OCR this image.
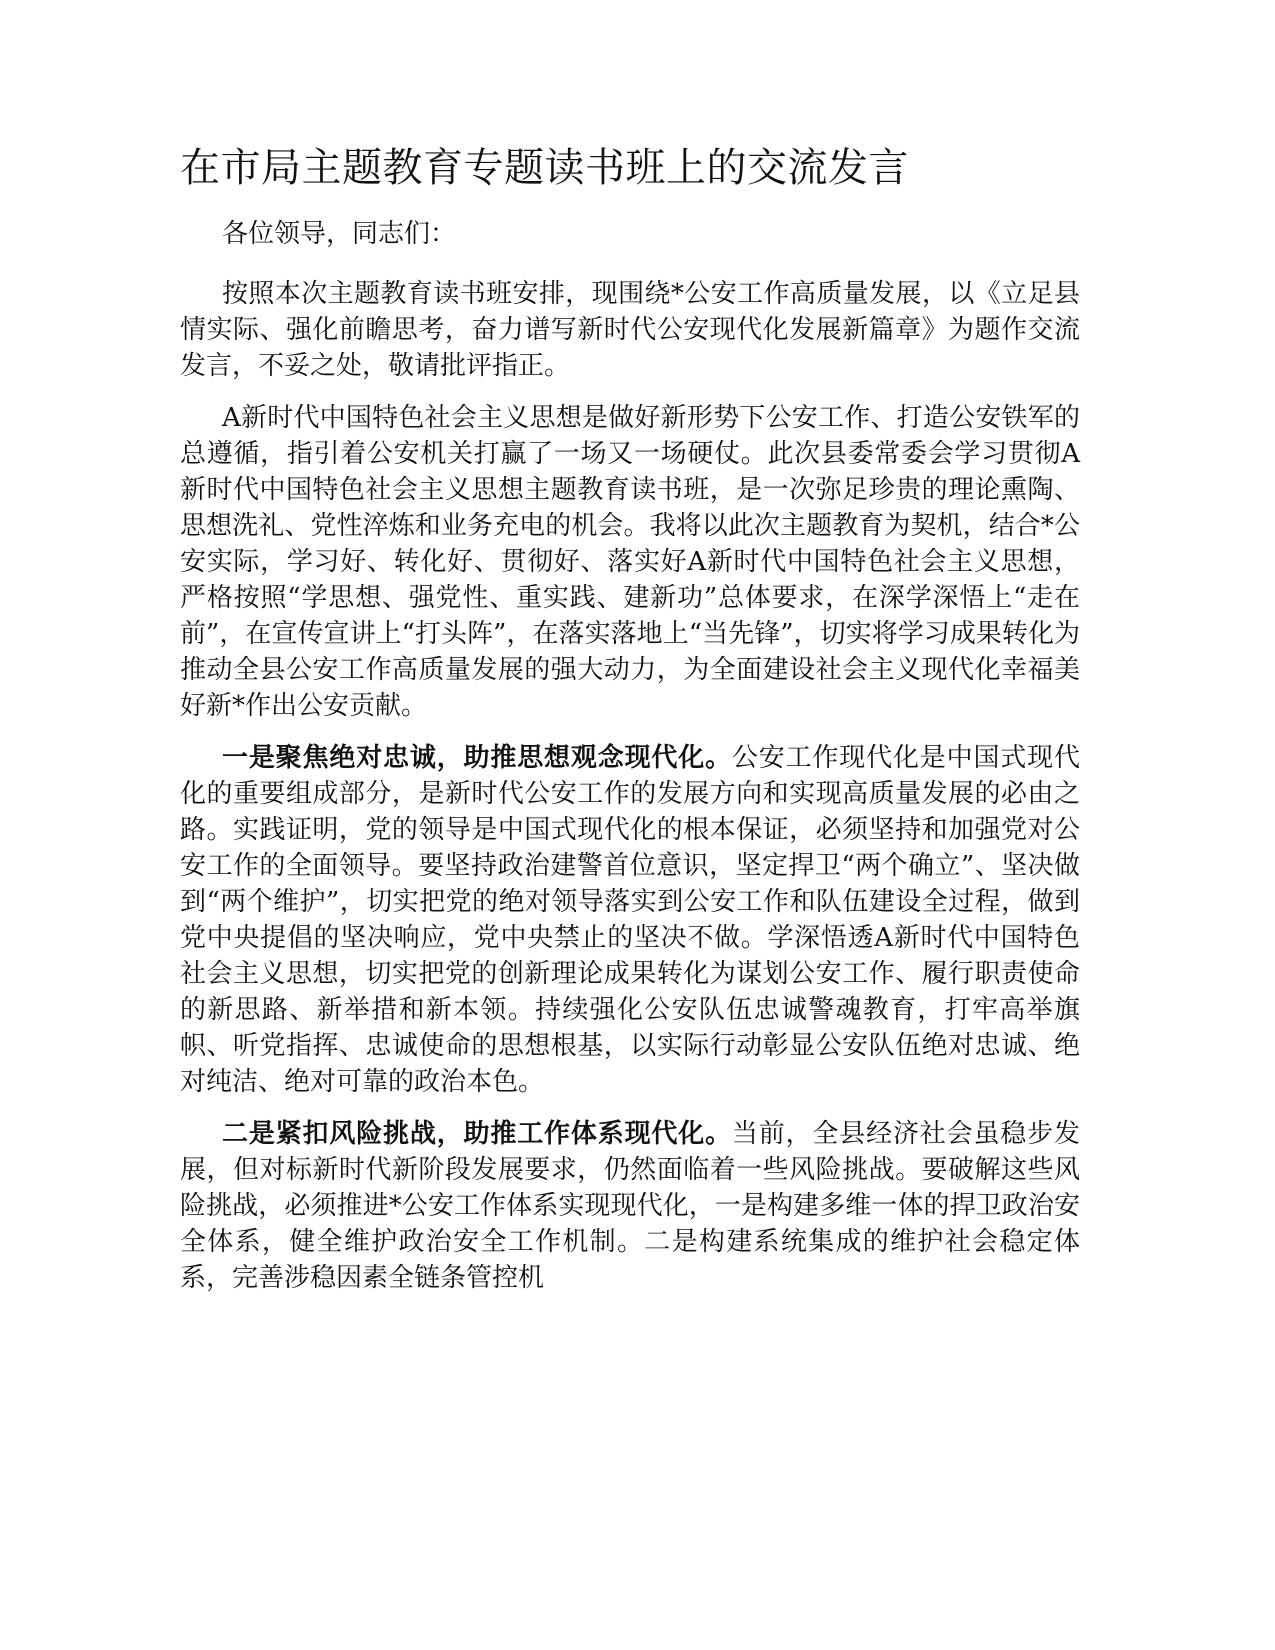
在市局主题教育专题读书班上的交流发言

各位领导，同志们：

按照本次主题教育读书班安排，现围绕*公安工作高质量发展，以《立足县情实际、强化前瞻思考，奋力谱写新时代公安现代化发展新篇章》为题作交流发言，不妥之处，敬请批评指正。

A新时代中国特色社会主义思想是做好新形势下公安工作、打造公安铁军的总遵循，指引着公安机关打赢了一场又一场硬仗。此次县委常委会学习贯彻A新时代中国特色社会主义思想主题教育读书班，是一次弥足珍贵的理论熏陶、思想洗礼、党性淬炼和业务充电的机会。我将以此次主题教育为契机，结合*公安实际，学习好、转化好、贯彻好、落实好A新时代中国特色社会主义思想，严格按照“学思想、强党性、重实践、建新功”总体要求，在深学深悟上“走在前”，在宣传宣讲上“打头阵”，在落实落地上“当先锋”，切实将学习成果转化为推动全县公安工作高质量发展的强大动力，为全面建设社会主义现代化幸福美好新*作出公安贡献。

一是聚焦绝对忠诚，助推思想观念现代化。公安工作现代化是中国式现代化的重要组成部分，是新时代公安工作的发展方向和实现高质量发展的必由之路。实践证明，党的领导是中国式现代化的根本保证，必须坚持和加强党对公安工作的全面领导。要坚持政治建警首位意识，坚定捍卫“两个确立”、坚决做到“两个维护”，切实把党的绝对领导落实到公安工作和队伍建设全过程，做到党中央提倡的坚决响应，党中央禁止的坚决不做。学深悟透A新时代中国特色社会主义思想，切实把党的创新理论成果转化为谋划公安工作、履行职责使命的新思路、新举措和新本领。持续强化公安队伍忠诚警魂教育，打牢高举旗帜、听党指挥、忠诚使命的思想根基，以实际行动彰显公安队伍绝对忠诚、绝对纯洁、绝对可靠的政治本色。

二是紧扣风险挑战，助推工作体系现代化。当前，全县经济社会虽稳步发展，但对标新时代新阶段发展要求，仍然面临着一些风险挑战。要破解这些风险挑战，必须推进*公安工作体系实现现代化，一是构建多维一体的捍卫政治安全体系，健全维护政治安全工作机制。二是构建系统集成的维护社会稳定体系，完善涉稳因素全链条管控机
